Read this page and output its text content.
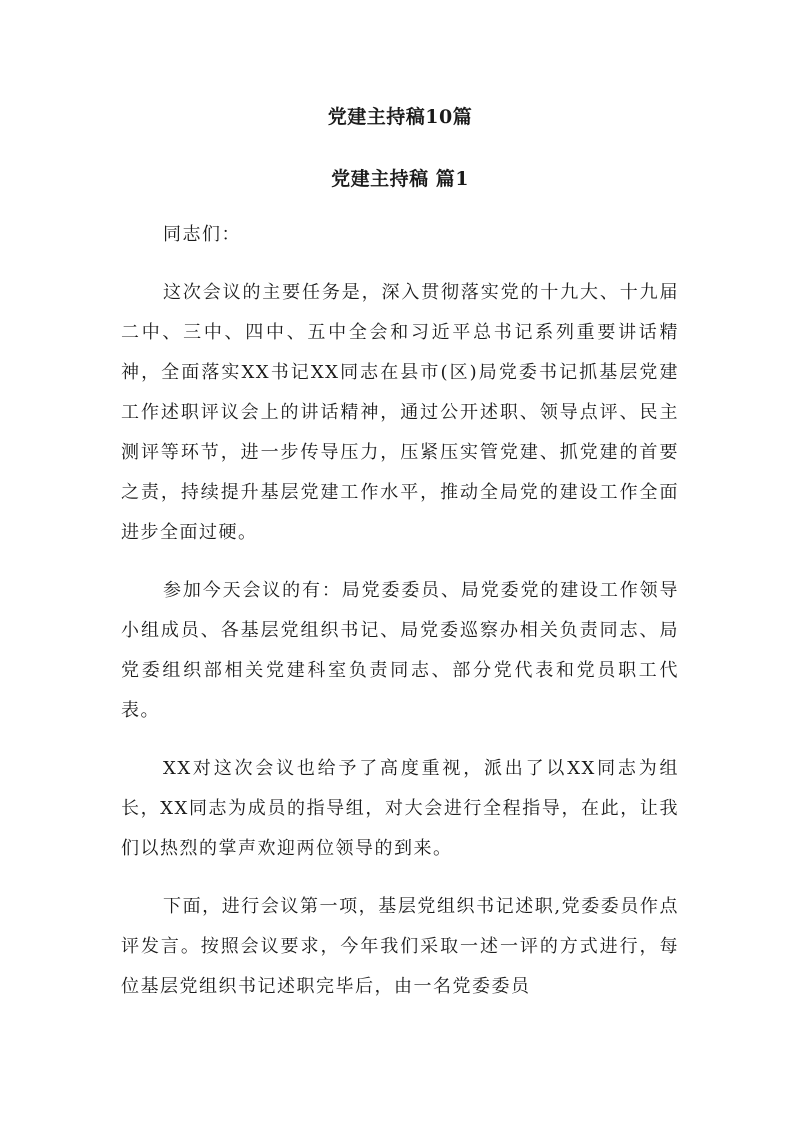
党建主持稿10篇
党建主持稿 篇1

同志们：

这次会议的主要任务是，深入贯彻落实党的十九大、十九届二中、三中、四中、五中全会和习近平总书记系列重要讲话精神，全面落实XX书记XX同志在县市(区)局党委书记抓基层党建工作述职评议会上的讲话精神，通过公开述职、领导点评、民主测评等环节，进一步传导压力，压紧压实管党建、抓党建的首要之责，持续提升基层党建工作水平，推动全局党的建设工作全面进步全面过硬。

参加今天会议的有：局党委委员、局党委党的建设工作领导小组成员、各基层党组织书记、局党委巡察办相关负责同志、局党委组织部相关党建科室负责同志、部分党代表和党员职工代表。

XX对这次会议也给予了高度重视，派出了以XX同志为组长，XX同志为成员的指导组，对大会进行全程指导，在此，让我们以热烈的掌声欢迎两位领导的到来。

下面，进行会议第一项，基层党组织书记述职,党委委员作点评发言。按照会议要求，今年我们采取一述一评的方式进行，每位基层党组织书记述职完毕后，由一名党委委员
